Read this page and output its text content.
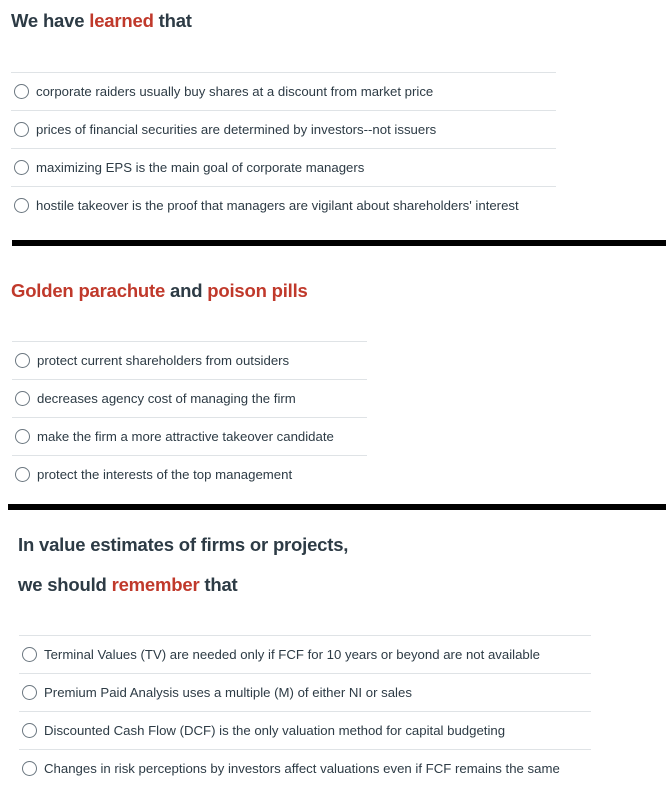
We have learned that
corporate raiders usually buy shares at a discount from market price
prices of financial securities are determined by investors--not issuers
maximizing EPS is the main goal of corporate managers
hostile takeover is the proof that managers are vigilant about shareholders' interest
Golden parachute and poison pills
protect current shareholders from outsiders
decreases agency cost of managing the firm
make the firm a more attractive takeover candidate
protect the interests of the top management
In value estimates of firms or projects,
we should remember that
Terminal Values (TV) are needed only if FCF for 10 years or beyond are not available
Premium Paid Analysis uses a multiple (M) of either NI or sales
Discounted Cash Flow (DCF) is the only valuation method for capital budgeting
Changes in risk perceptions by investors affect valuations even if FCF remains the same
